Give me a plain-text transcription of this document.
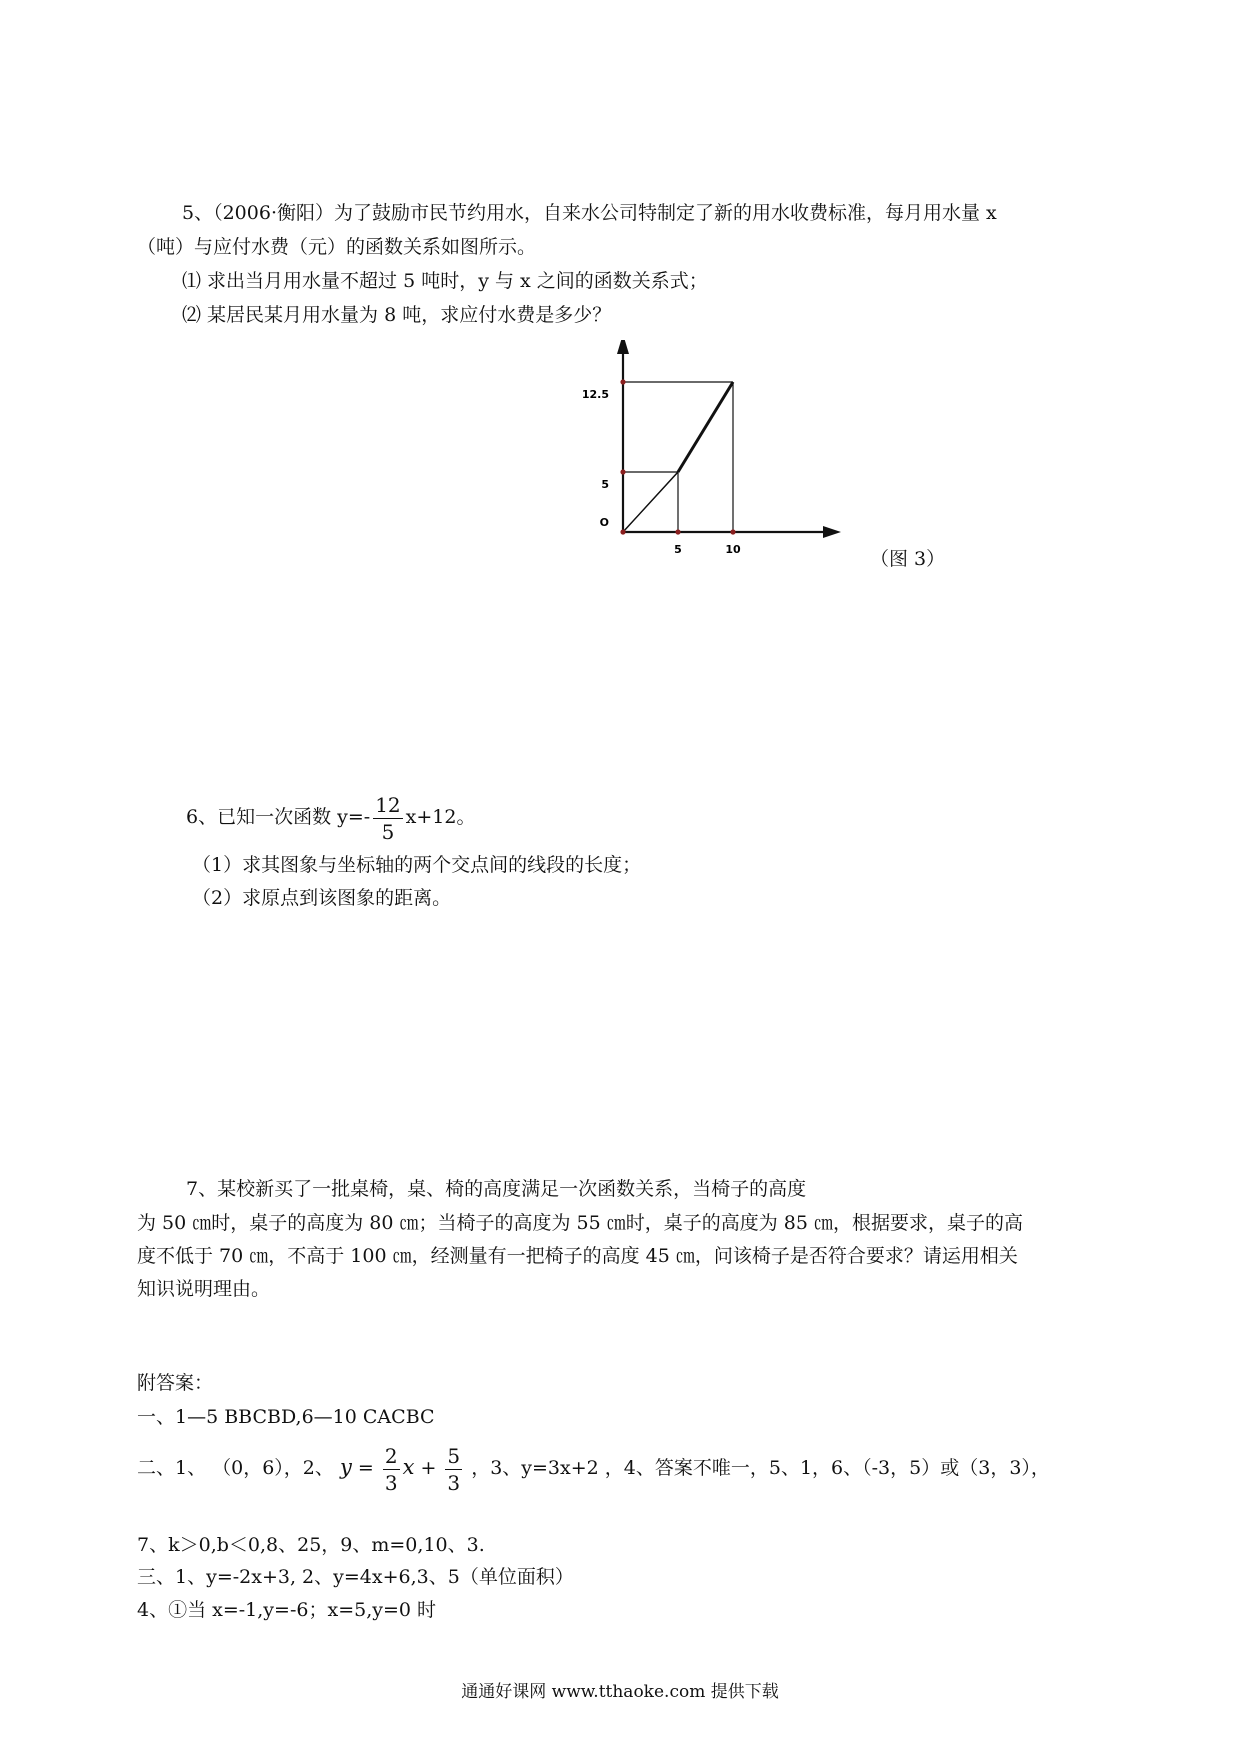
5、（2006·衡阳）为了鼓励市民节约用水，自来水公司特制定了新的用水收费标准，每月用水量 x
（吨）与应付水费（元）的函数关系如图所示。
⑴ 求出当月用水量不超过 5 吨时，y 与 x 之间的函数关系式；
⑵ 某居民某月用水量为 8 吨，求应付水费是多少？
5	10
5
12.5
O
（图 3）
6、已知一次函数 $y=- \frac{12}{5} x+12$。
（1）求其图象与坐标轴的两个交点间的线段的长度；
（2）求原点到该图象的距离。
7、某校新买了一批桌椅，桌、椅的高度满足一次函数关系，当椅子的高度
为 50 ㎝时，桌子的高度为 80 ㎝；当椅子的高度为 55 ㎝时，桌子的高度为 85 ㎝，根据要求，桌子的高
度不低于 70 ㎝，不高于 100 ㎝，经测量有一把椅子的高度 45 ㎝，问该椅子是否符合要求？请运用相关
知识说明理由。
附答案：
一、1—5 BBCBD,6—10 CACBC
二、1、 （0，6），2、 $y = \frac{2}{3}$ $x + \frac{5}{3}$ ，3、y=3x+2 ，4、答案不唯一，5、1，6、（-3，5）或（3，3），
7、k＞0,b＜0,8、25，9、m=0,10、3.
三、1、y=-2x+3, 2、y=4x+6,3、5（单位面积）
4、①当 x=-1,y=-6；x=5,y=0 时
通通好课网 www.tthaoke.com 提供下载
